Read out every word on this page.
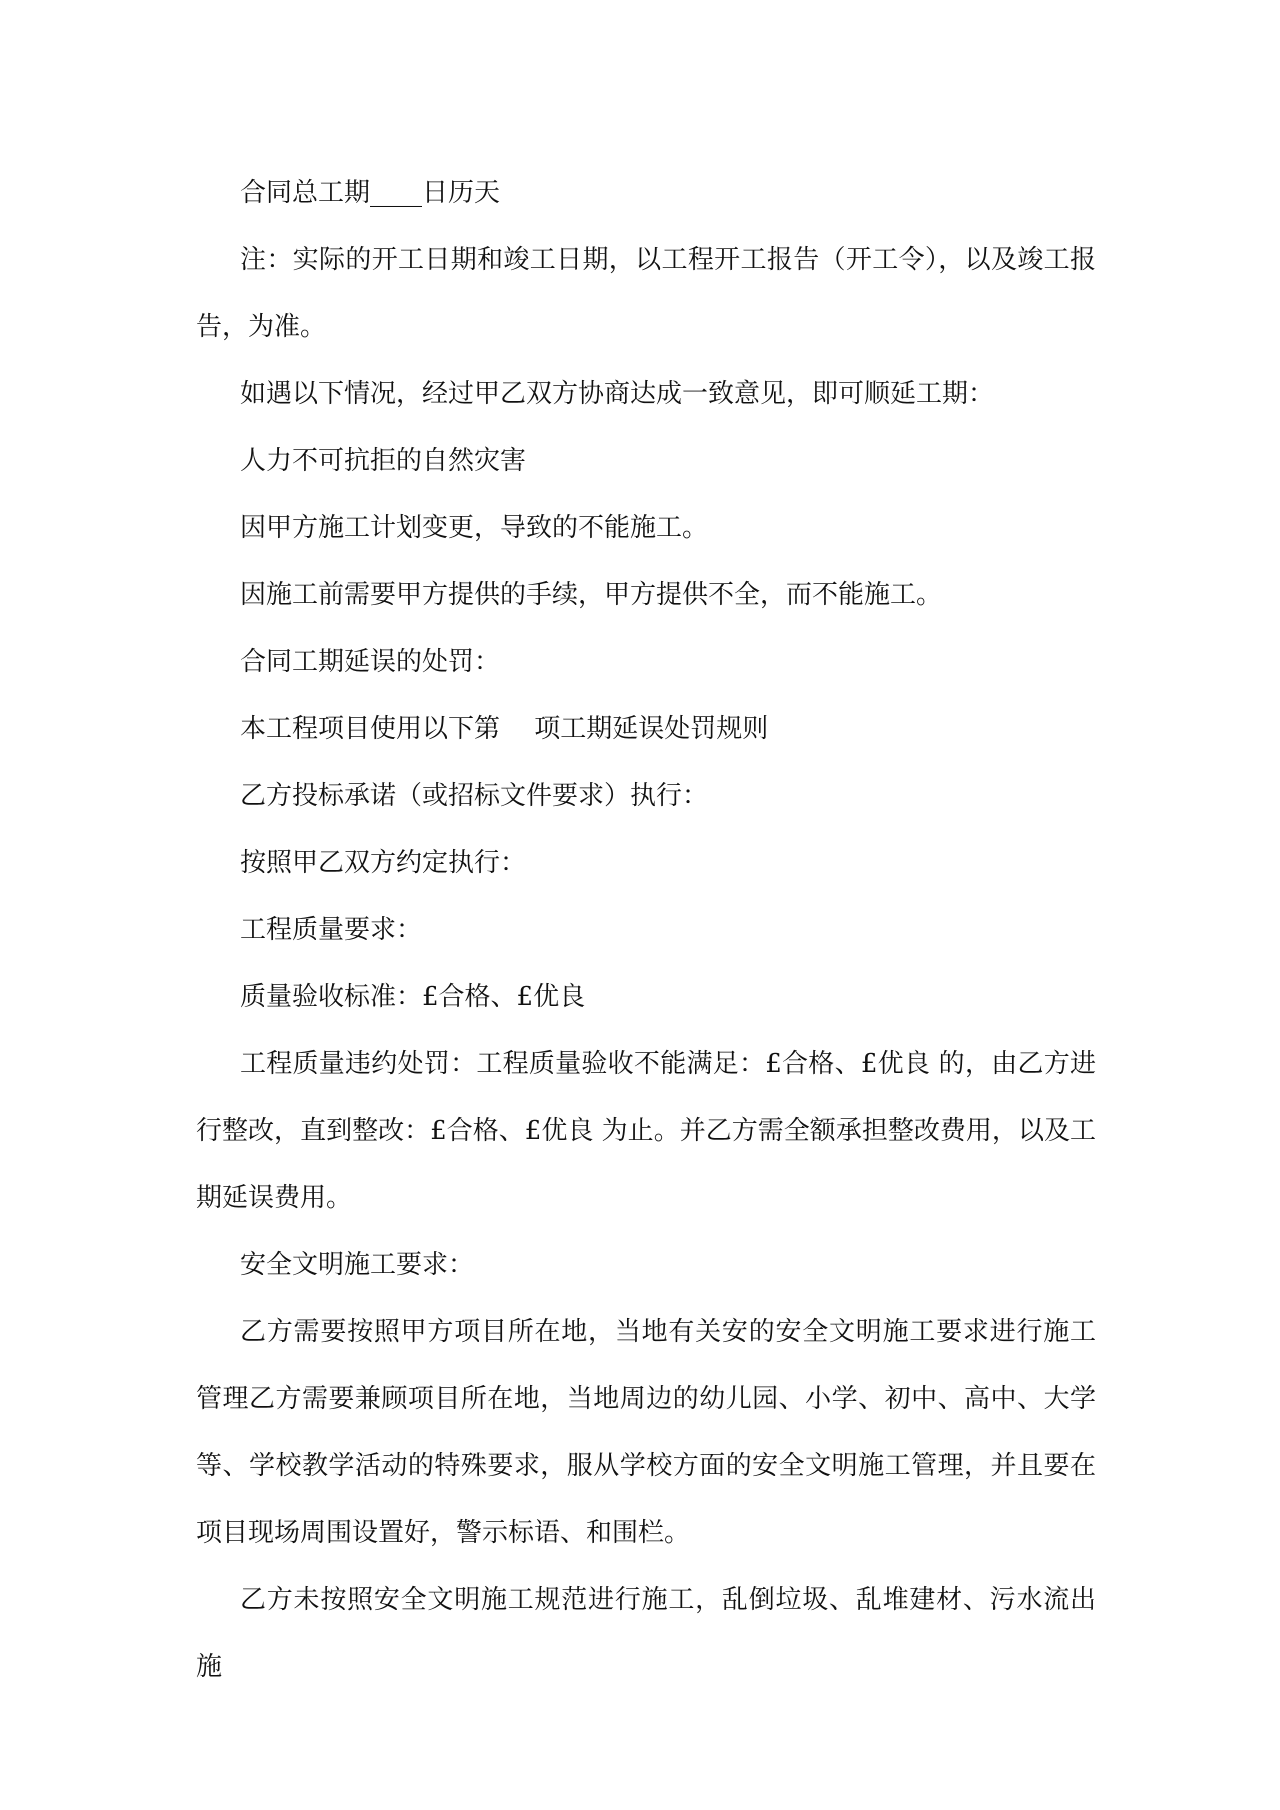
合同总工期____日历天

注：实际的开工日期和竣工日期，以工程开工报告（开工令），以及竣工报告，为准。

如遇以下情况，经过甲乙双方协商达成一致意见，即可顺延工期：

人力不可抗拒的自然灾害

因甲方施工计划变更，导致的不能施工。

因施工前需要甲方提供的手续，甲方提供不全，而不能施工。

合同工期延误的处罚：

本工程项目使用以下第　 项工期延误处罚规则

乙方投标承诺（或招标文件要求）执行：

按照甲乙双方约定执行：

工程质量要求：

质量验收标准：£合格、£优良

工程质量违约处罚：工程质量验收不能满足：£合格、£优良 的，由乙方进行整改，直到整改：£合格、£优良 为止。并乙方需全额承担整改费用，以及工期延误费用。

安全文明施工要求：

乙方需要按照甲方项目所在地，当地有关安的安全文明施工要求进行施工管理乙方需要兼顾项目所在地，当地周边的幼儿园、小学、初中、高中、大学等、学校教学活动的特殊要求，服从学校方面的安全文明施工管理，并且要在项目现场周围设置好，警示标语、和围栏。

乙方未按照安全文明施工规范进行施工，乱倒垃圾、乱堆建材、污水流出施
